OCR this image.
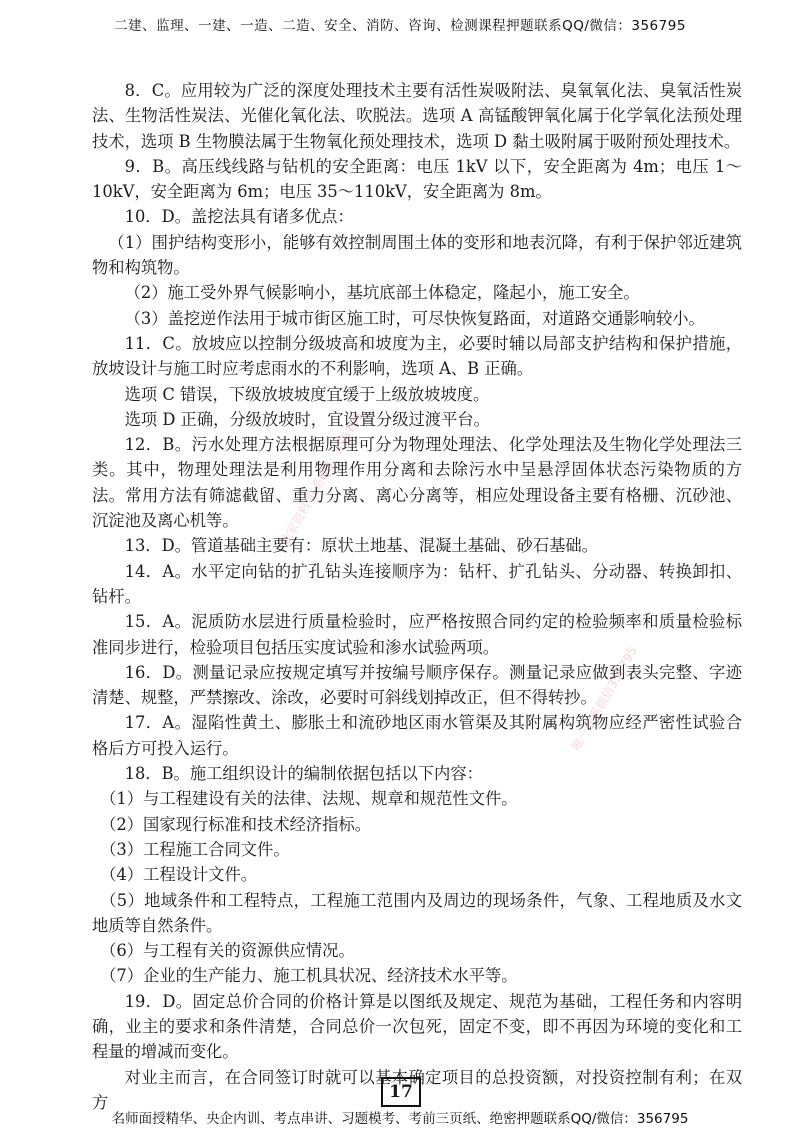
二建、监理、一建、一造、二造、安全、消防、咨询、检测课程押题联系QQ/微信：356795

8．C。应用较为广泛的深度处理技术主要有活性炭吸附法、臭氧氧化法、臭氧活性炭法、生物活性炭法、光催化氧化法、吹脱法。选项 A 高锰酸钾氧化属于化学氧化法预处理技术，选项 B 生物膜法属于生物氧化预处理技术，选项 D 黏土吸附属于吸附预处理技术。

9．B。高压线线路与钻机的安全距离：电压 1kV 以下，安全距离为 4m；电压 1～10kV，安全距离为 6m；电压 35～110kV，安全距离为 8m。

10．D。盖挖法具有诸多优点：

（1）围护结构变形小，能够有效控制周围土体的变形和地表沉降，有利于保护邻近建筑物和构筑物。

（2）施工受外界气候影响小，基坑底部土体稳定，隆起小，施工安全。

（3）盖挖逆作法用于城市街区施工时，可尽快恢复路面，对道路交通影响较小。

11．C。放坡应以控制分级坡高和坡度为主，必要时辅以局部支护结构和保护措施，放坡设计与施工时应考虑雨水的不利影响，选项 A、B 正确。

选项 C 错误，下级放坡坡度宜缓于上级放坡坡度。

选项 D 正确，分级放坡时，宜设置分级过渡平台。

12．B。污水处理方法根据原理可分为物理处理法、化学处理法及生物化学处理法三类。其中，物理处理法是利用物理作用分离和去除污水中呈悬浮固体状态污染物质的方法。常用方法有筛滤截留、重力分离、离心分离等，相应处理设备主要有格栅、沉砂池、沉淀池及离心机等。

13．D。管道基础主要有：原状土地基、混凝土基础、砂石基础。

14．A。水平定向钻的扩孔钻头连接顺序为：钻杆、扩孔钻头、分动器、转换卸扣、钻杆。

15．A。泥质防水层进行质量检验时，应严格按照合同约定的检验频率和质量检验标准同步进行，检验项目包括压实度试验和渗水试验两项。

16．D。测量记录应按规定填写并按编号顺序保存。测量记录应做到表头完整、字迹清楚、规整，严禁擦改、涂改，必要时可斜线划掉改正，但不得转抄。

17．A。湿陷性黄土、膨胀土和流砂地区雨水管渠及其附属构筑物应经严密性试验合格后方可投入运行。

18．B。施工组织设计的编制依据包括以下内容：

（1）与工程建设有关的法律、法规、规章和规范性文件。

（2）国家现行标准和技术经济指标。

（3）工程施工合同文件。

（4）工程设计文件。

（5）地域条件和工程特点，工程施工范围内及周边的现场条件，气象、工程地质及水文地质等自然条件。

（6）与工程有关的资源供应情况。

（7）企业的生产能力、施工机具状况、经济技术水平等。

19．D。固定总价合同的价格计算是以图纸及规定、规范为基础，工程任务和内容明确，业主的要求和条件清楚，合同总价一次包死，固定不变，即不再因为环境的变化和工程量的增减而变化。

对业主而言，在合同签订时就可以基本确定项目的总投资额，对投资控制有利；在双方

独家资料 联系QQ：356795
唯一联系微信356795
17
名师面授精华、央企内训、考点串讲、习题模考、考前三页纸、绝密押题联系QQ/微信：356795
